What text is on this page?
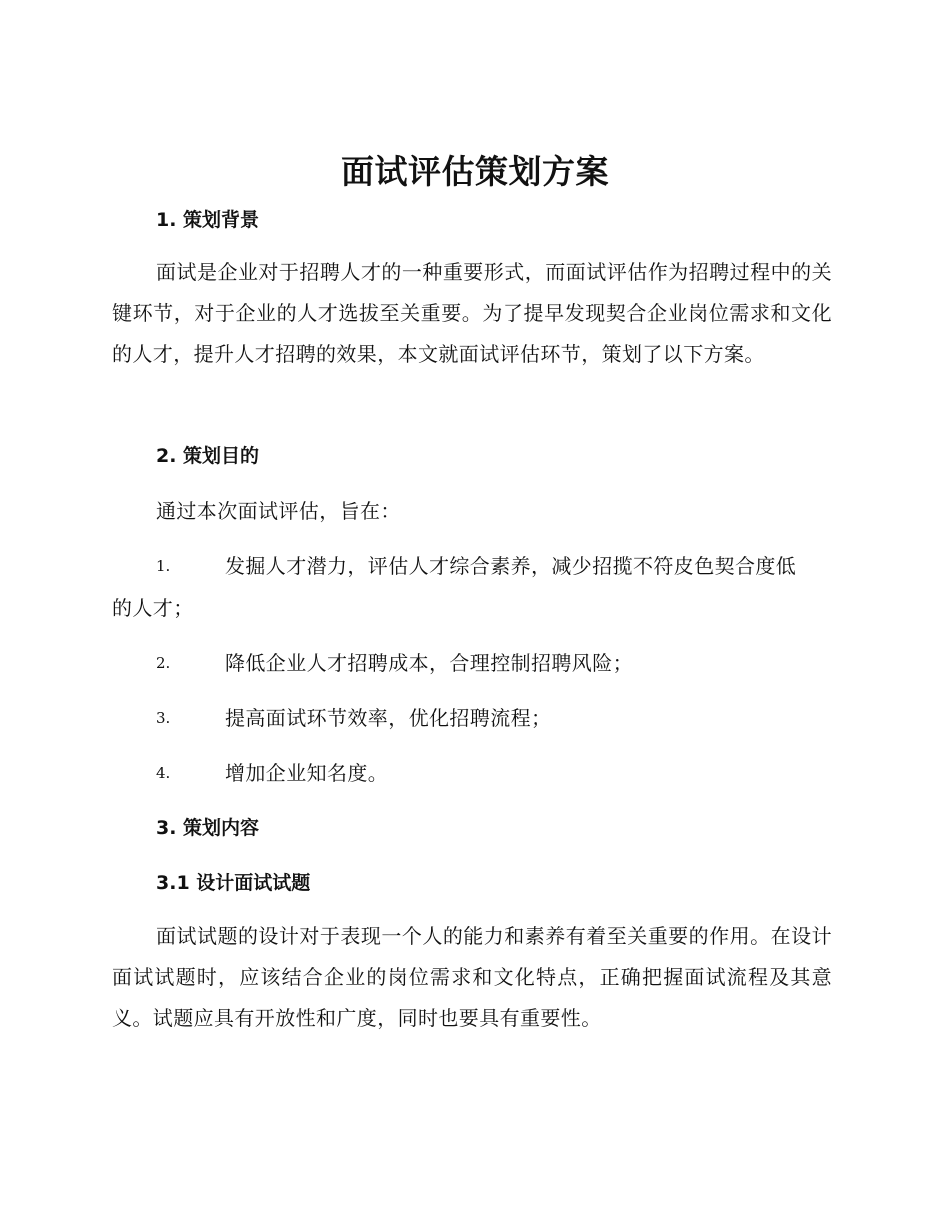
面试评估策划方案
1. 策划背景
面试是企业对于招聘人才的一种重要形式，而面试评估作为招聘过程中的关键环节，对于企业的人才选拔至关重要。为了提早发现契合企业岗位需求和文化的人才，提升人才招聘的效果，本文就面试评估环节，策划了以下方案。
2. 策划目的
通过本次面试评估，旨在：
1.	发掘人才潜力，评估人才综合素养，减少招揽不符皮色契合度低
的人才；
2.	降低企业人才招聘成本，合理控制招聘风险；
3.	提高面试环节效率，优化招聘流程；
4.	增加企业知名度。
3. 策划内容
3.1 设计面试试题
面试试题的设计对于表现一个人的能力和素养有着至关重要的作用。在设计面试试题时，应该结合企业的岗位需求和文化特点，正确把握面试流程及其意义。试题应具有开放性和广度，同时也要具有重要性。
